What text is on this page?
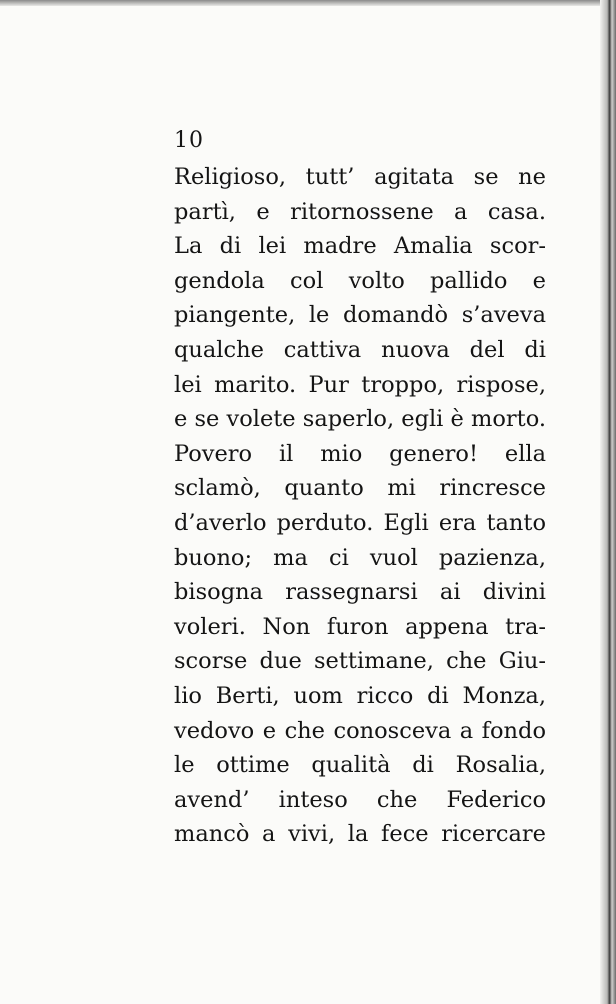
10

Religioso, tutt’ agitata se ne

partì, e ritornossene a casa.

La di lei madre Amalia scor-

gendola col volto pallido e

piangente, le domandò s’aveva

qualche cattiva nuova del di

lei marito. Pur troppo, rispose,

e se volete saperlo, egli è morto.

Povero il mio genero! ella

sclamò, quanto mi rincresce

d’averlo perduto. Egli era tanto

buono; ma ci vuol pazienza,

bisogna rassegnarsi ai divini

voleri. Non furon appena tra-

scorse due settimane, che Giu-

lio Berti, uom ricco di Monza,

vedovo e che conosceva a fondo

le ottime qualità di Rosalia,

avend’ inteso che Federico

mancò a vivi, la fece ricercare
